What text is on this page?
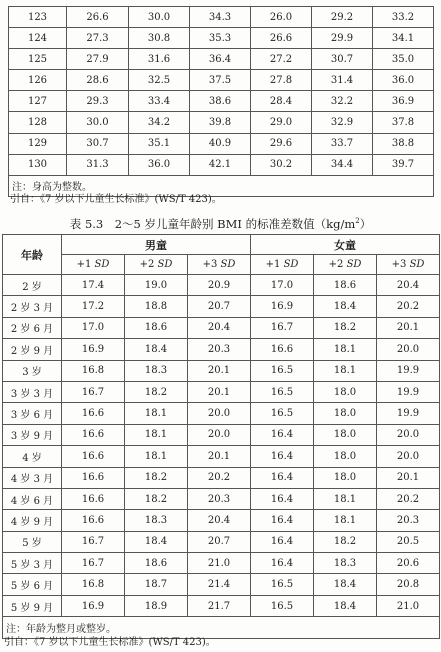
123	26.6	30.0	34.3	26.0	29.2	33.2
124	27.3	30.8	35.3	26.6	29.9	34.1
125	27.9	31.6	36.4	27.2	30.7	35.0
126	28.6	32.5	37.5	27.8	31.4	36.0
127	29.3	33.4	38.6	28.4	32.2	36.9
128	30.0	34.2	39.8	29.0	32.9	37.8
129	30.7	35.1	40.9	29.6	33.7	38.8
130	31.3	36.0	42.1	30.2	34.4	39.7
注：身高为整数。						
引自：《7 岁以下儿童生长标准》(WS/T 423)。
表 5.3　2～5 岁儿童年龄别 BMI 的标准差数值$(kg/m^2)$
年龄	男童			女童		
	+1 SD	+2 SD	+3 SD	+1 SD	+2 SD	+3 SD
2 岁	17.4	19.0	20.9	17.0	18.6	20.4
2 岁 3 月	17.2	18.8	20.7	16.9	18.4	20.2
2 岁 6 月	17.0	18.6	20.4	16.7	18.2	20.1
2 岁 9 月	16.9	18.4	20.3	16.6	18.1	20.0
3 岁	16.8	18.3	20.1	16.5	18.1	19.9
3 岁 3 月	16.7	18.2	20.1	16.5	18.0	19.9
3 岁 6 月	16.6	18.1	20.0	16.5	18.0	19.9
3 岁 9 月	16.6	18.1	20.0	16.4	18.0	20.0
4 岁	16.6	18.1	20.1	16.4	18.0	20.0
4 岁 3 月	16.6	18.2	20.2	16.4	18.0	20.1
4 岁 6 月	16.6	18.2	20.3	16.4	18.1	20.2
4 岁 9 月	16.6	18.3	20.4	16.4	18.1	20.3
5 岁	16.7	18.4	20.7	16.4	18.2	20.5
5 岁 3 月	16.7	18.6	21.0	16.4	18.3	20.6
5 岁 6 月	16.8	18.7	21.4	16.5	18.4	20.8
5 岁 9 月	16.9	18.9	21.7	16.5	18.4	21.0
注：年龄为整月或整岁。						
引自：《7 岁以下儿童生长标准》(WS/T 423)。
